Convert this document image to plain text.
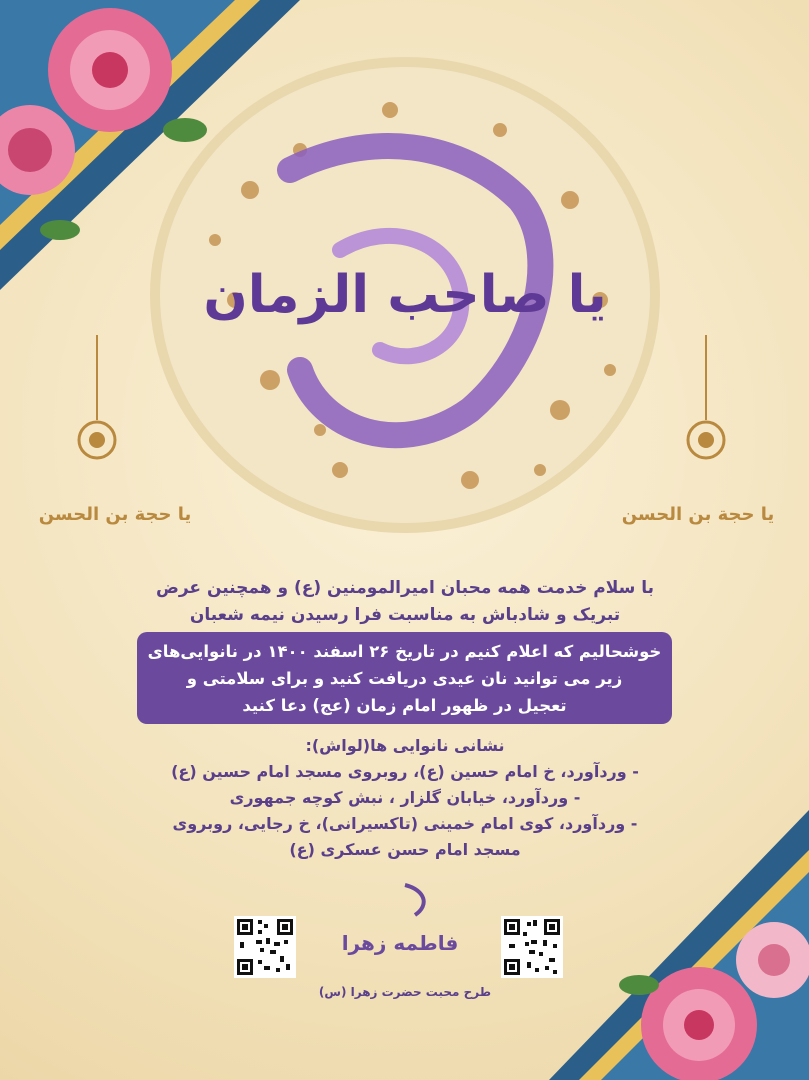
یا صاحب الزمان
یا حجة بن الحسن	یا حجة بن الحسن
با سلام خدمت همه محبان امیرالمومنین (ع) و همچنین عرض
تبریک و شادباش به مناسبت فرا رسیدن نیمه شعبان
خوشحالیم که اعلام کنیم در تاریخ ۲۶ اسفند ۱۴۰۰ در نانوایی‌های
زیر می توانید نان عیدی دریافت کنید و برای سلامتی و
تعجیل در ظهور امام زمان (عج) دعا کنید
نشانی نانوایی ها(لواش):
- وردآورد، خ امام حسین (ع)، روبروی مسجد امام حسین (ع)
- وردآورد، خیابان گلزار ، نبش کوچه جمهوری
- وردآورد، کوی امام خمینی (تاکسیرانی)، خ رجایی، روبروی
مسجد امام حسن عسکری (ع)
فاطمه زهرا
طرح محبت حضرت زهرا (س)
